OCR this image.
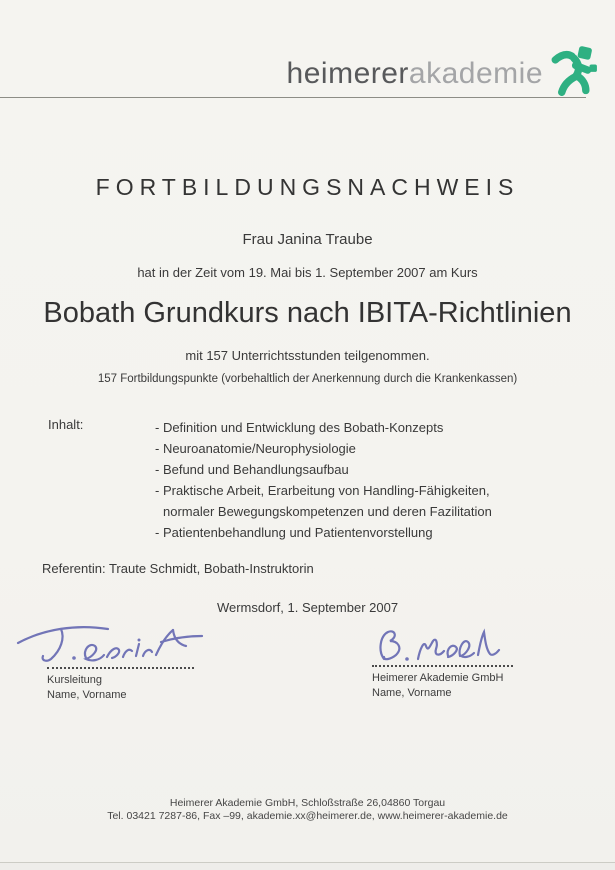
heimererakademie
FORTBILDUNGSNACHWEIS
Frau Janina Traube
hat in der Zeit vom 19. Mai bis 1. September 2007 am Kurs
Bobath Grundkurs nach IBITA-Richtlinien
mit 157 Unterrichtsstunden teilgenommen.
157 Fortbildungspunkte (vorbehaltlich der Anerkennung durch die Krankenkassen)
Inhalt:	- Definition und Entwicklung des Bobath-Konzepts
- Neuroanatomie/Neurophysiologie
- Befund und Behandlungsaufbau
- Praktische Arbeit, Erarbeitung von Handling-Fähigkeiten,
normaler Bewegungskompetenzen und deren Fazilitation
- Patientenbehandlung und Patientenvorstellung
Referentin: Traute Schmidt, Bobath-Instruktorin
Wermsdorf, 1. September 2007
Kursleitung
Name, Vorname
Heimerer Akademie GmbH
Name, Vorname
Heimerer Akademie GmbH, Schloßstraße 26,04860 Torgau
Tel. 03421 7287-86, Fax –99, akademie.xx@heimerer.de, www.heimerer-akademie.de
